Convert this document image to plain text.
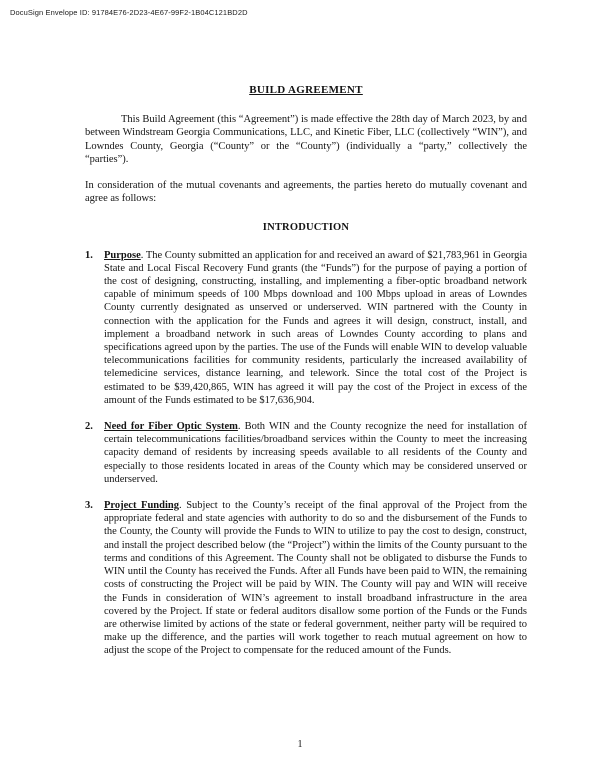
DocuSign Envelope ID: 91784E76-2D23-4E67-99F2-1B04C121BD2D
BUILD AGREEMENT

This Build Agreement (this “Agreement”) is made effective the 28th day of March 2023, by and between Windstream Georgia Communications, LLC, and Kinetic Fiber, LLC (collectively “WIN”), and Lowndes County, Georgia (“County” or the “County”) (individually a “party,” collectively the “parties”).

In consideration of the mutual covenants and agreements, the parties hereto do mutually covenant and agree as follows:

INTRODUCTION
1.	Purpose. The County submitted an application for and received an award of $21,783,961 in Georgia State and Local Fiscal Recovery Fund grants (the “Funds”) for the purpose of paying a portion of the cost of designing, constructing, installing, and implementing a fiber-optic broadband network capable of minimum speeds of 100 Mbps download and 100 Mbps upload in areas of Lowndes County currently designated as unserved or underserved. WIN partnered with the County in connection with the application for the Funds and agrees it will design, construct, install, and implement a broadband network in such areas of Lowndes County according to plans and specifications agreed upon by the parties. The use of the Funds will enable WIN to develop valuable telecommunications facilities for community residents, particularly the increased availability of telemedicine services, distance learning, and telework. Since the total cost of the Project is estimated to be $39,420,865, WIN has agreed it will pay the cost of the Project in excess of the amount of the Funds estimated to be $17,636,904.
2.	Need for Fiber Optic System. Both WIN and the County recognize the need for installation of certain telecommunications facilities/broadband services within the County to meet the increasing capacity demand of residents by increasing speeds available to all residents of the County and especially to those residents located in areas of the County which may be considered unserved or underserved.
3.	Project Funding. Subject to the County’s receipt of the final approval of the Project from the appropriate federal and state agencies with authority to do so and the disbursement of the Funds to the County, the County will provide the Funds to WIN to utilize to pay the cost to design, construct, and install the project described below (the “Project”) within the limits of the County pursuant to the terms and conditions of this Agreement. The County shall not be obligated to disburse the Funds to WIN until the County has received the Funds. After all Funds have been paid to WIN, the remaining costs of constructing the Project will be paid by WIN. The County will pay and WIN will receive the Funds in consideration of WIN’s agreement to install broadband infrastructure in the area covered by the Project. If state or federal auditors disallow some portion of the Funds or the Funds are otherwise limited by actions of the state or federal government, neither party will be required to make up the difference, and the parties will work together to reach mutual agreement on how to adjust the scope of the Project to compensate for the reduced amount of the Funds.
1
